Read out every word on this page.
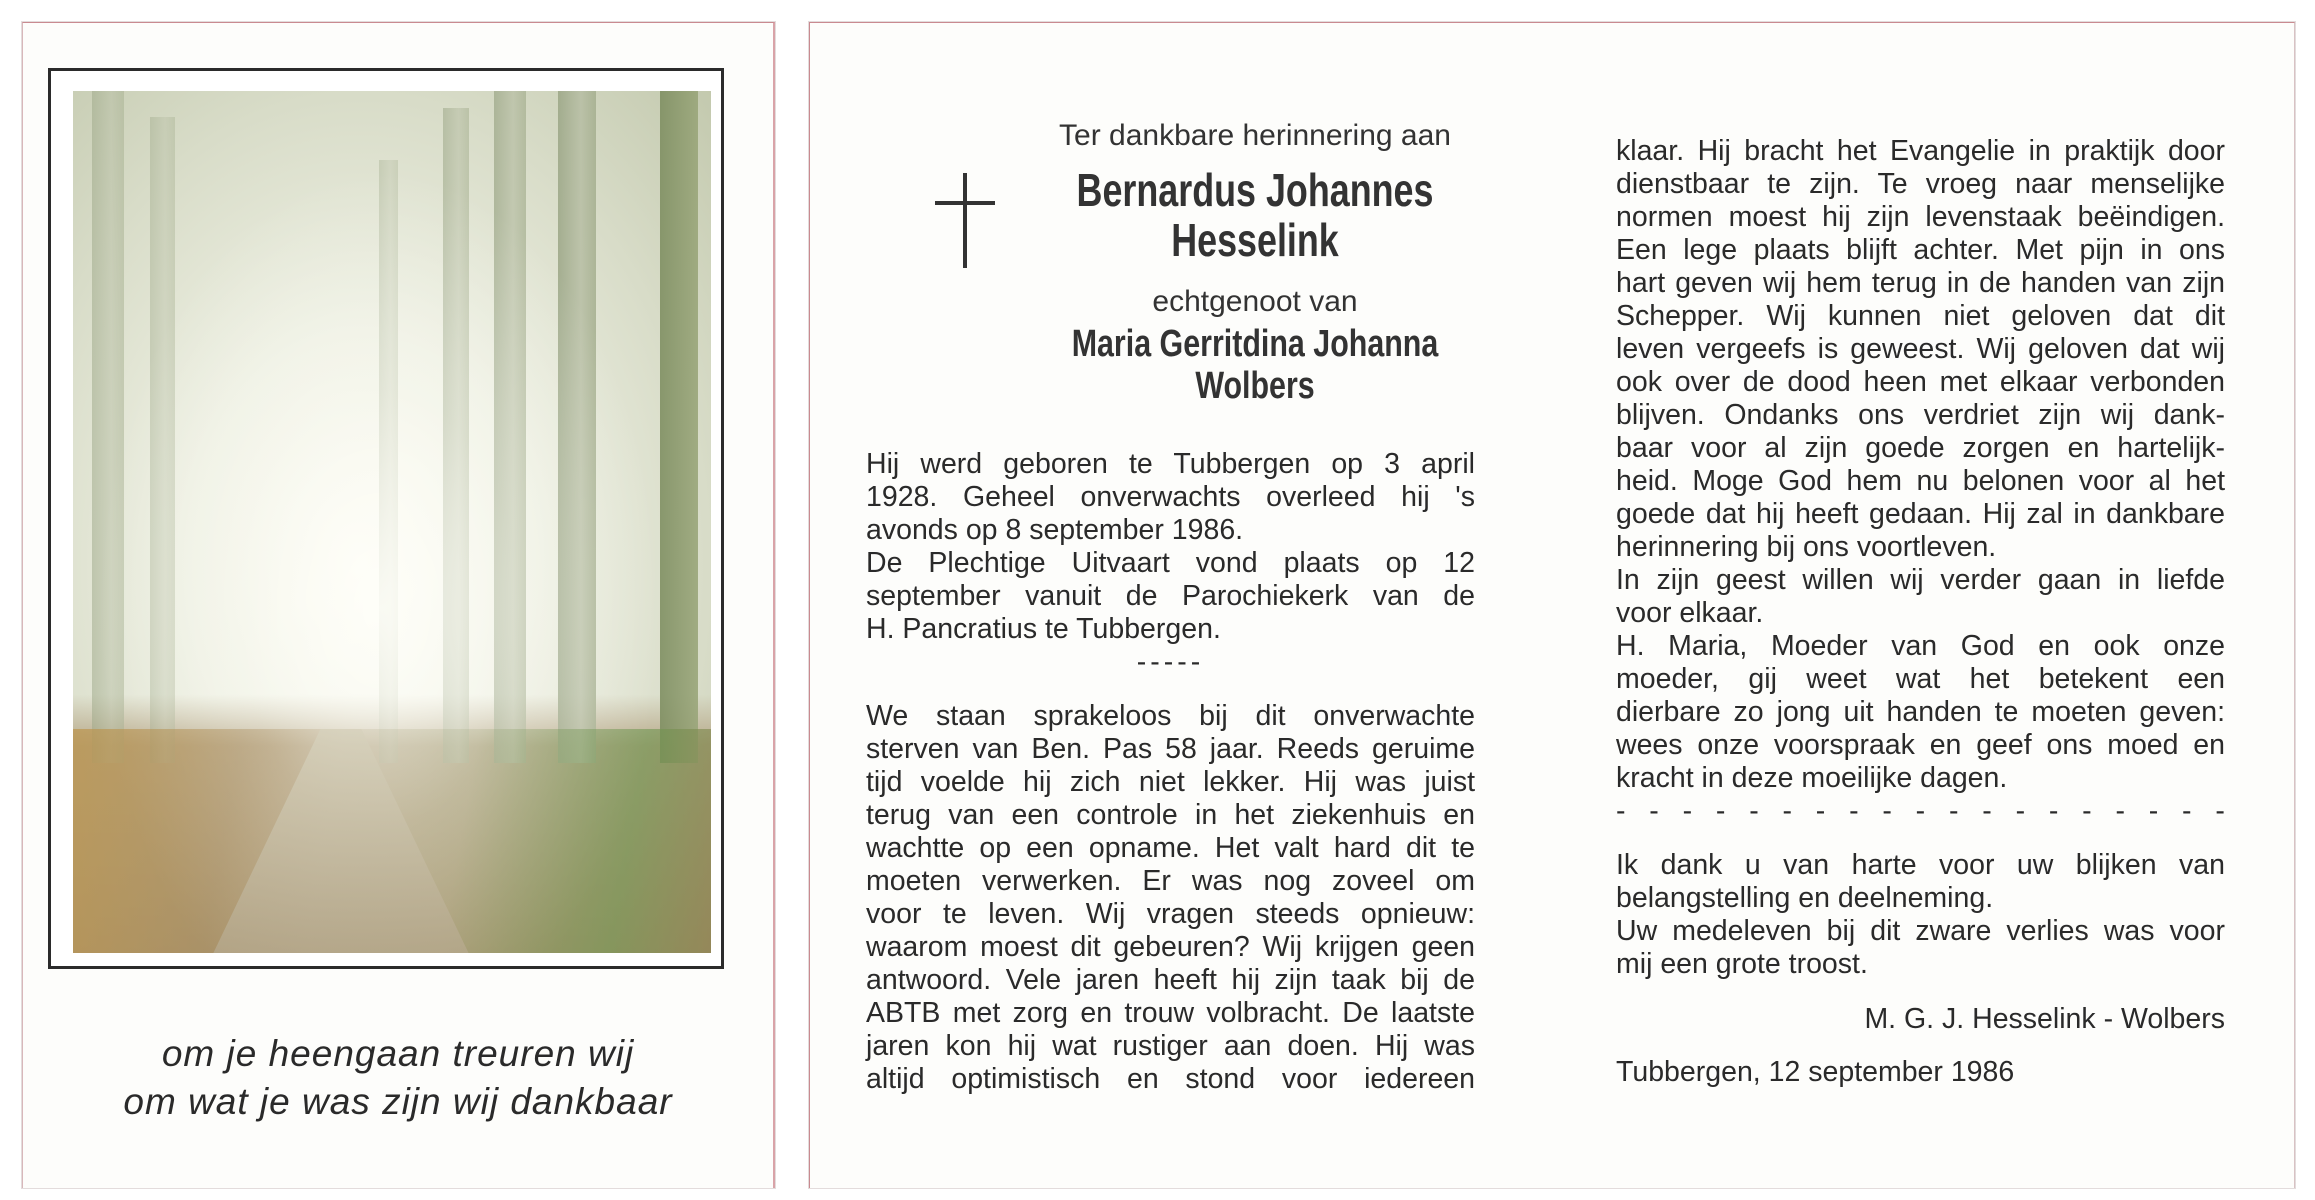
om je heengaan treuren wij
om wat je was zijn wij dankbaar
Ter dankbare herinnering aan
Bernardus Johannes
Hesselink
echtgenoot van
Maria Gerritdina Johanna
Wolbers
Hij werd geboren te Tubbergen op 3 april
1928. Geheel onverwachts overleed hij 's
avonds op 8 september 1986.
De Plechtige Uitvaart vond plaats op 12
september vanuit de Parochiekerk van de
H. Pancratius te Tubbergen.
-----
We staan sprakeloos bij dit onverwachte
sterven van Ben. Pas 58 jaar. Reeds geruime
tijd voelde hij zich niet lekker. Hij was juist
terug van een controle in het ziekenhuis en
wachtte op een opname. Het valt hard dit te
moeten verwerken. Er was nog zoveel om
voor te leven. Wij vragen steeds opnieuw:
waarom moest dit gebeuren? Wij krijgen geen
antwoord. Vele jaren heeft hij zijn taak bij de
ABTB met zorg en trouw volbracht. De laatste
jaren kon hij wat rustiger aan doen. Hij was
altijd optimistisch en stond voor iedereen
klaar. Hij bracht het Evangelie in praktijk door
dienstbaar te zijn. Te vroeg naar menselijke
normen moest hij zijn levenstaak beëindigen.
Een lege plaats blijft achter. Met pijn in ons
hart geven wij hem terug in de handen van zijn
Schepper. Wij kunnen niet geloven dat dit
leven vergeefs is geweest. Wij geloven dat wij
ook over de dood heen met elkaar verbonden
blijven. Ondanks ons verdriet zijn wij dank-
baar voor al zijn goede zorgen en hartelijk-
heid. Moge God hem nu belonen voor al het
goede dat hij heeft gedaan. Hij zal in dankbare
herinnering bij ons voortleven.
In zijn geest willen wij verder gaan in liefde
voor elkaar.
H. Maria, Moeder van God en ook onze
moeder, gij weet wat het betekent een
dierbare zo jong uit handen te moeten geven:
wees onze voorspraak en geef ons moed en
kracht in deze moeilijke dagen.
- - - - - - - - - - - - - - - - - - -
Ik dank u van harte voor uw blijken van
belangstelling en deelneming.
Uw medeleven bij dit zware verlies was voor
mij een grote troost.
M. G. J. Hesselink - Wolbers
Tubbergen, 12 september 1986
